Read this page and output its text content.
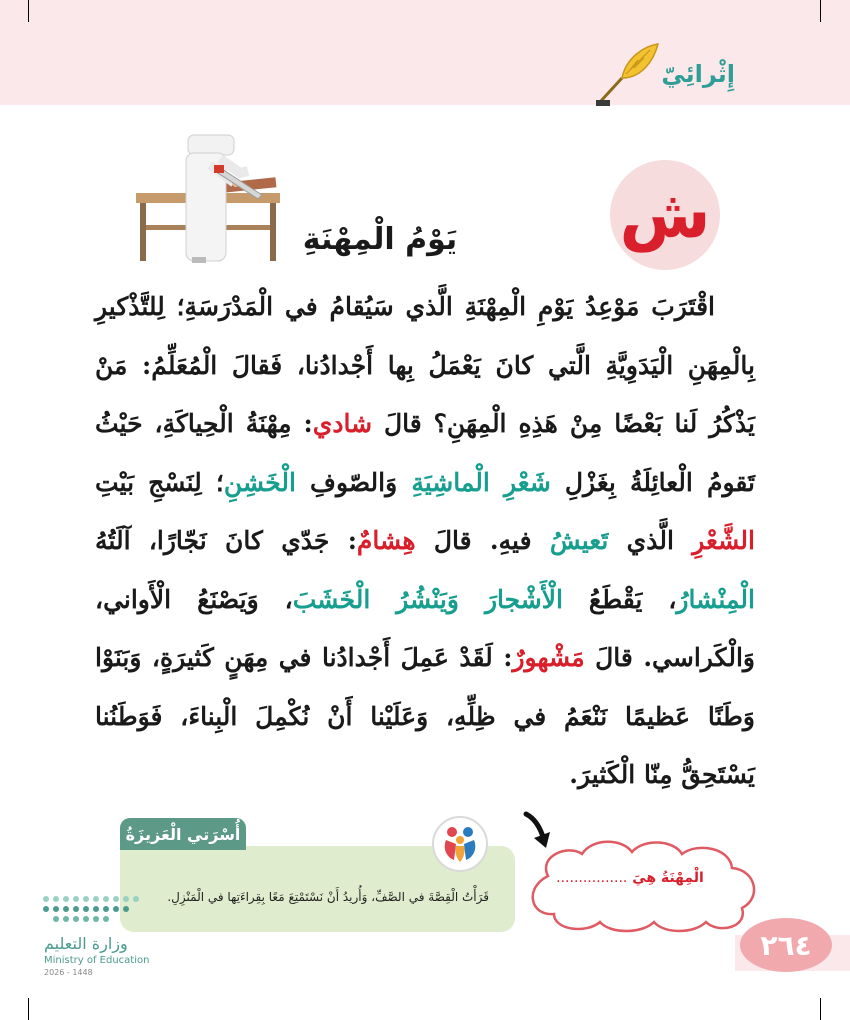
إِثْرائِيّ
ش
يَوْمُ الْمِهْنَةِ
اقْتَرَبَ مَوْعِدُ يَوْمِ الْمِهْنَةِ الَّذي سَيُقامُ في الْمَدْرَسَةِ؛ لِلتَّذْكيرِ بِالْمِهَنِ الْيَدَوِيَّةِ الَّتي كانَ يَعْمَلُ بِها أَجْدادُنا، فَقالَ الْمُعَلِّمُ: مَنْ يَذْكُرُ لَنا بَعْضًا مِنْ هَذِهِ الْمِهَنِ؟ قالَ شادي: مِهْنَةُ الْحِياكَةِ، حَيْثُ تَقومُ الْعائِلَةُ بِغَزْلِ شَعْرِ الْماشِيَةِ وَالصّوفِ الْخَشِنِ؛ لِنَسْجِ بَيْتِ الشَّعْرِ الَّذي تَعيشُ فيهِ. قالَ هِشامٌ: جَدّي كانَ نَجّارًا، آلَتُهُ الْمِنْشارُ، يَقْطَعُ الْأَشْجارَ وَيَنْشُرُ الْخَشَبَ، وَيَصْنَعُ الْأَواني، وَالْكَراسي. قالَ مَشْهورٌ: لَقَدْ عَمِلَ أَجْدادُنا في مِهَنٍ كَثيرَةٍ، وَبَنَوْا وَطَنًا عَظيمًا نَنْعَمُ في ظِلِّهِ، وَعَلَيْنا أَنْ نُكْمِلَ الْبِناءَ، فَوَطَنُنا يَسْتَحِقُّ مِنّا الْكَثيرَ.
قَرَأْتُ الْقِصَّةَ في الصَّفِّ، وَأُريدُ أَنْ نَسْتَمْتِعَ مَعًا بِقِراءَتِها في الْمَنْزِلِ.
أُسْرَتي الْعَزيزَةُ
الْمِهْنَةُ هِيَ ................
٢٦٤
وزارة التعليم
Ministry of Education
2026 - 1448
